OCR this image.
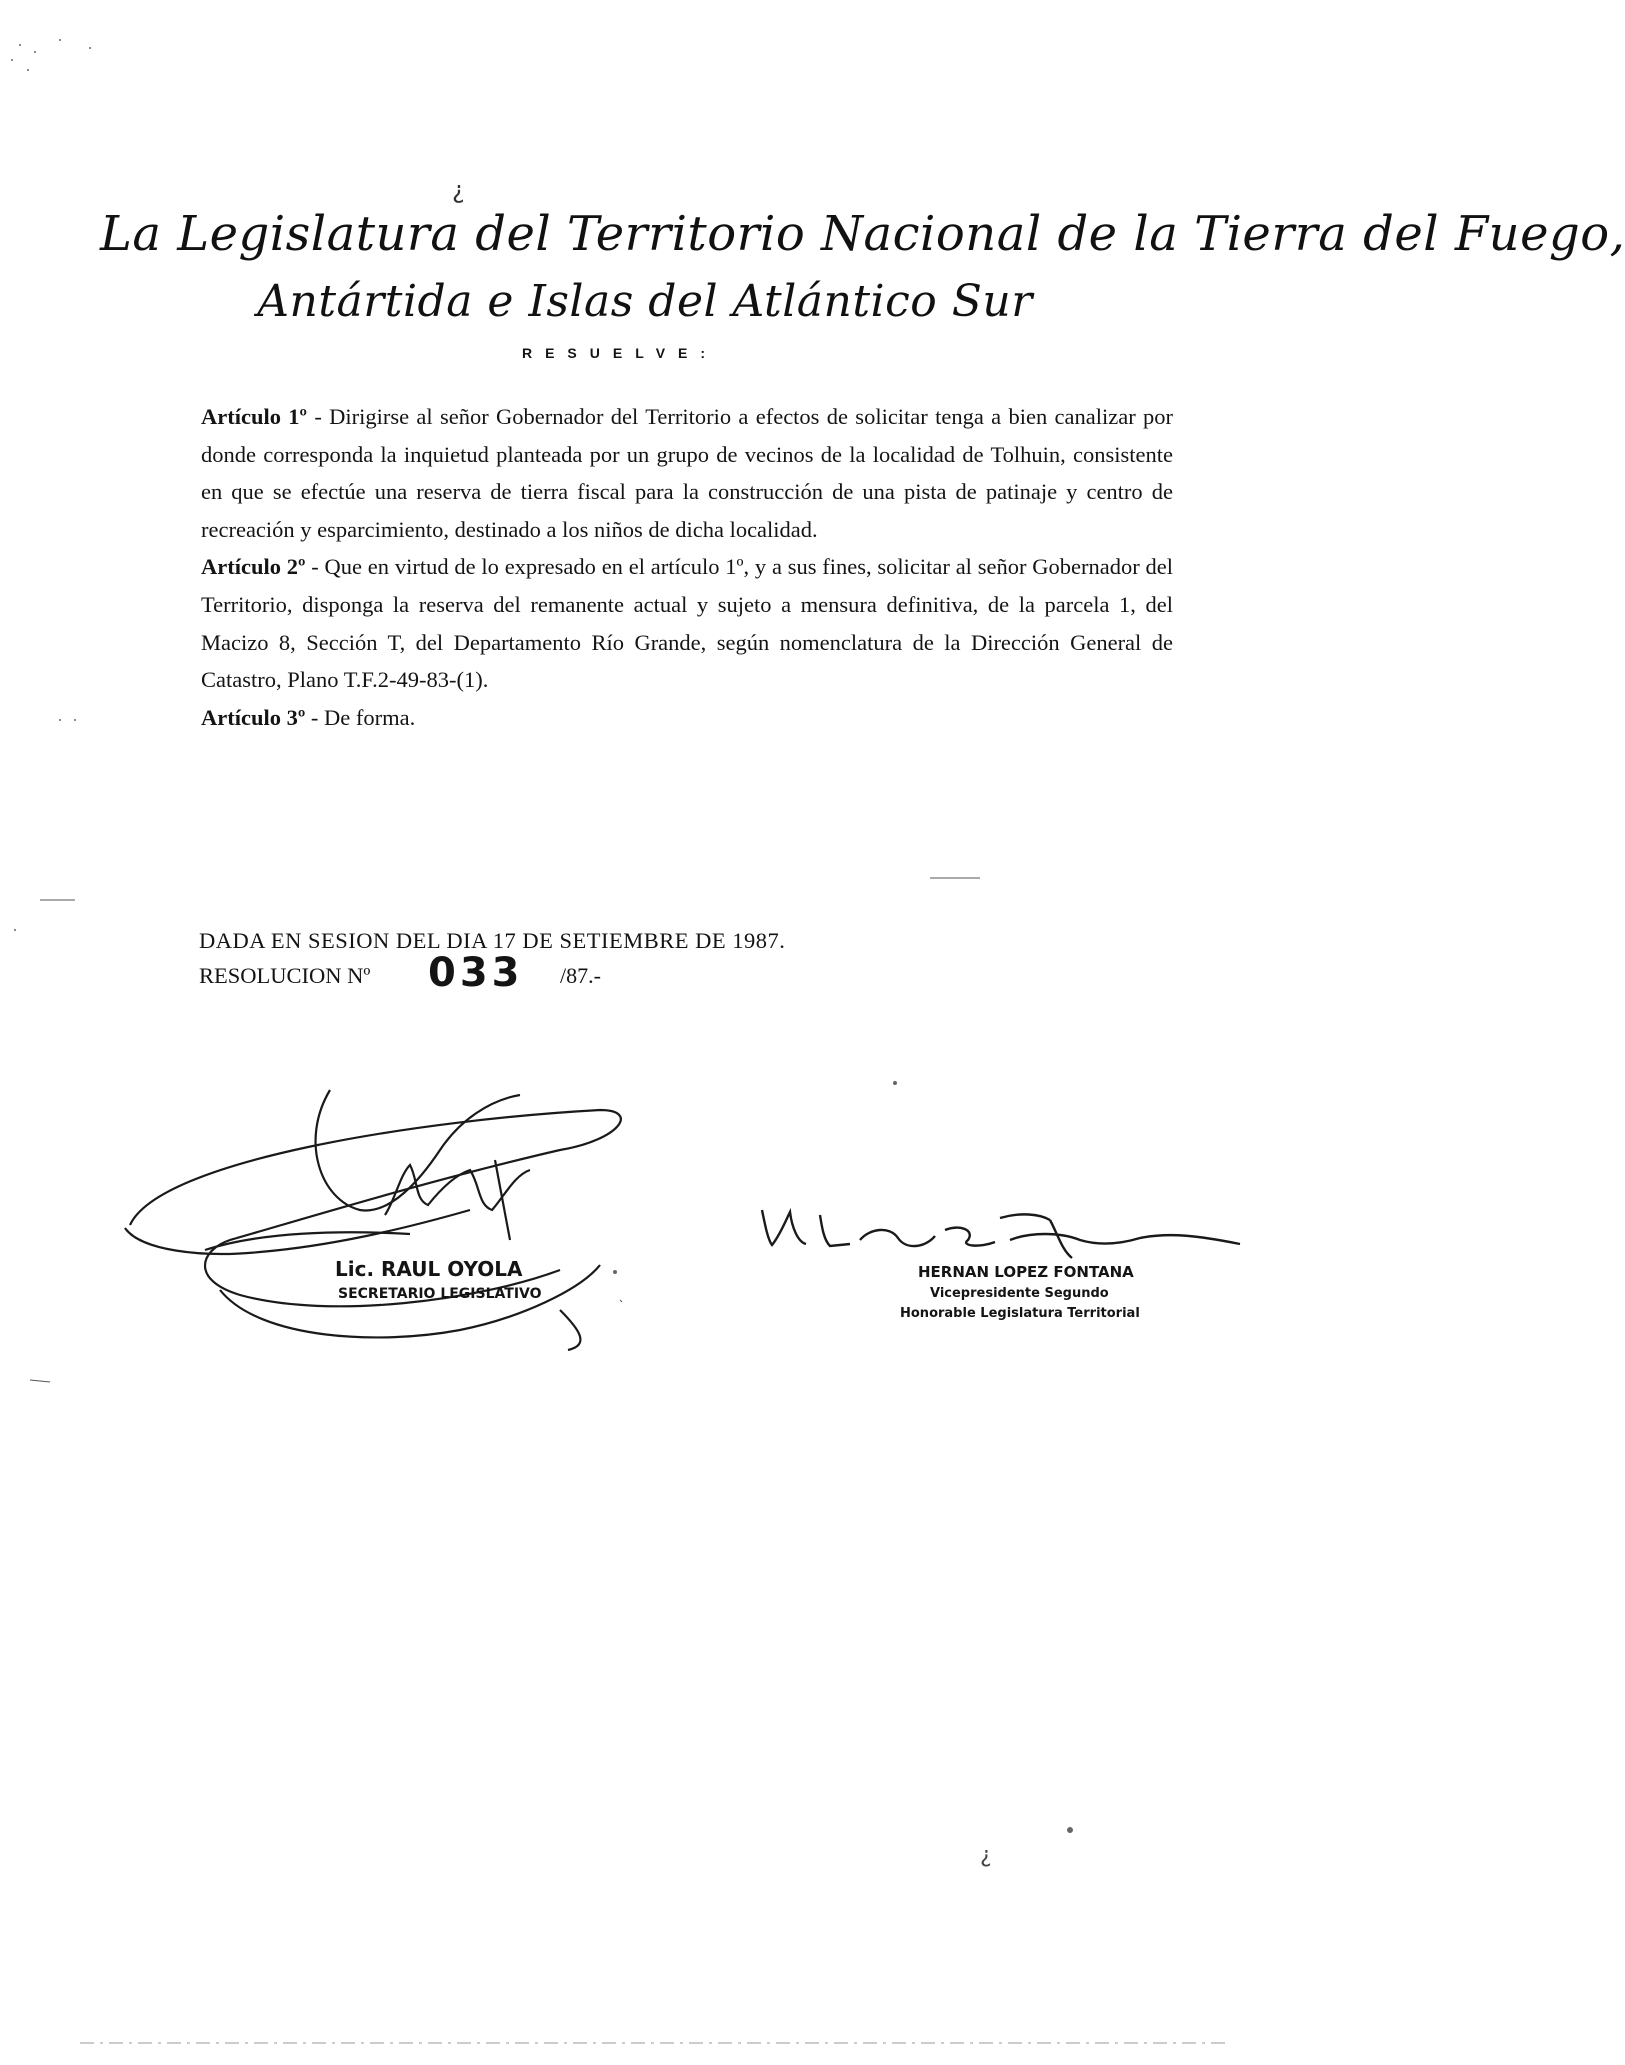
¿
La Legislatura del Territorio Nacional de la Tierra del Fuego,
Antártida e Islas del Atlántico Sur
RESUELVE:

Artículo 1º - Dirigirse al señor Gobernador del Territorio a efectos de solicitar tenga a bien canalizar por donde corresponda la inquietud planteada por un grupo de vecinos de la localidad de Tolhuin, consistente en que se efectúe una reserva de tierra fiscal para la construcción de una pista de patinaje y centro de recreación y esparcimiento, destinado a los niños de dicha localidad.

Artículo 2º - Que en virtud de lo expresado en el artículo 1º, y a sus fines, solicitar al señor Gobernador del Territorio, disponga la reserva del remanente actual y sujeto a mensura definitiva, de la parcela 1, del Macizo 8, Sección T, del Departamento Río Grande, según nomenclatura de la Dirección General de Catastro, Plano T.F.2-49-83-(1).

Artículo 3º - De forma.

DADA EN SESION DEL DIA 17 DE SETIEMBRE DE 1987.
RESOLUCION Nº 033 /87.-
Lic. RAUL OYOLA
SECRETARIO LEGISLATIVO
HERNAN LOPEZ FONTANA
Vicepresidente Segundo
Honorable Legislatura Territorial
¿
